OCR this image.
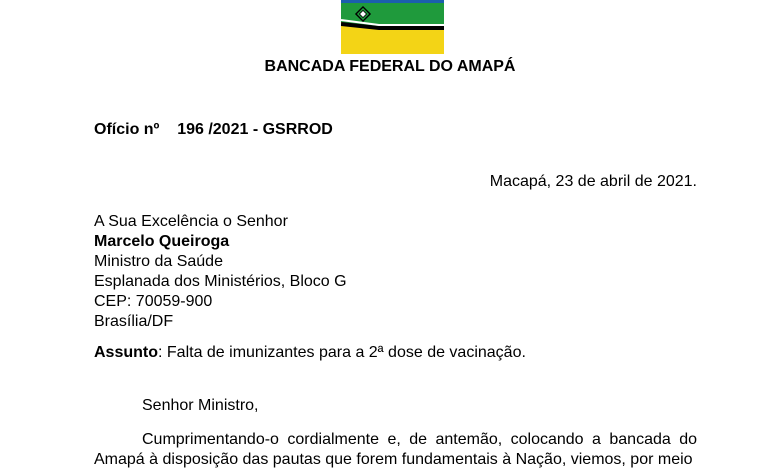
BANCADA FEDERAL DO AMAPÁ
Ofício nº 196 /2021 - GSRROD
Macapá, 23 de abril de 2021.
A Sua Excelência o Senhor
Marcelo Queiroga
Ministro da Saúde
Esplanada dos Ministérios, Bloco G
CEP: 70059-900
Brasília/DF
Assunto: Falta de imunizantes para a 2ª dose de vacinação.
Senhor Ministro,
Cumprimentando-o cordialmente e, de antemão, colocando a bancada do Amapá à disposição das pautas que forem fundamentais à Nação, viemos, por meio
